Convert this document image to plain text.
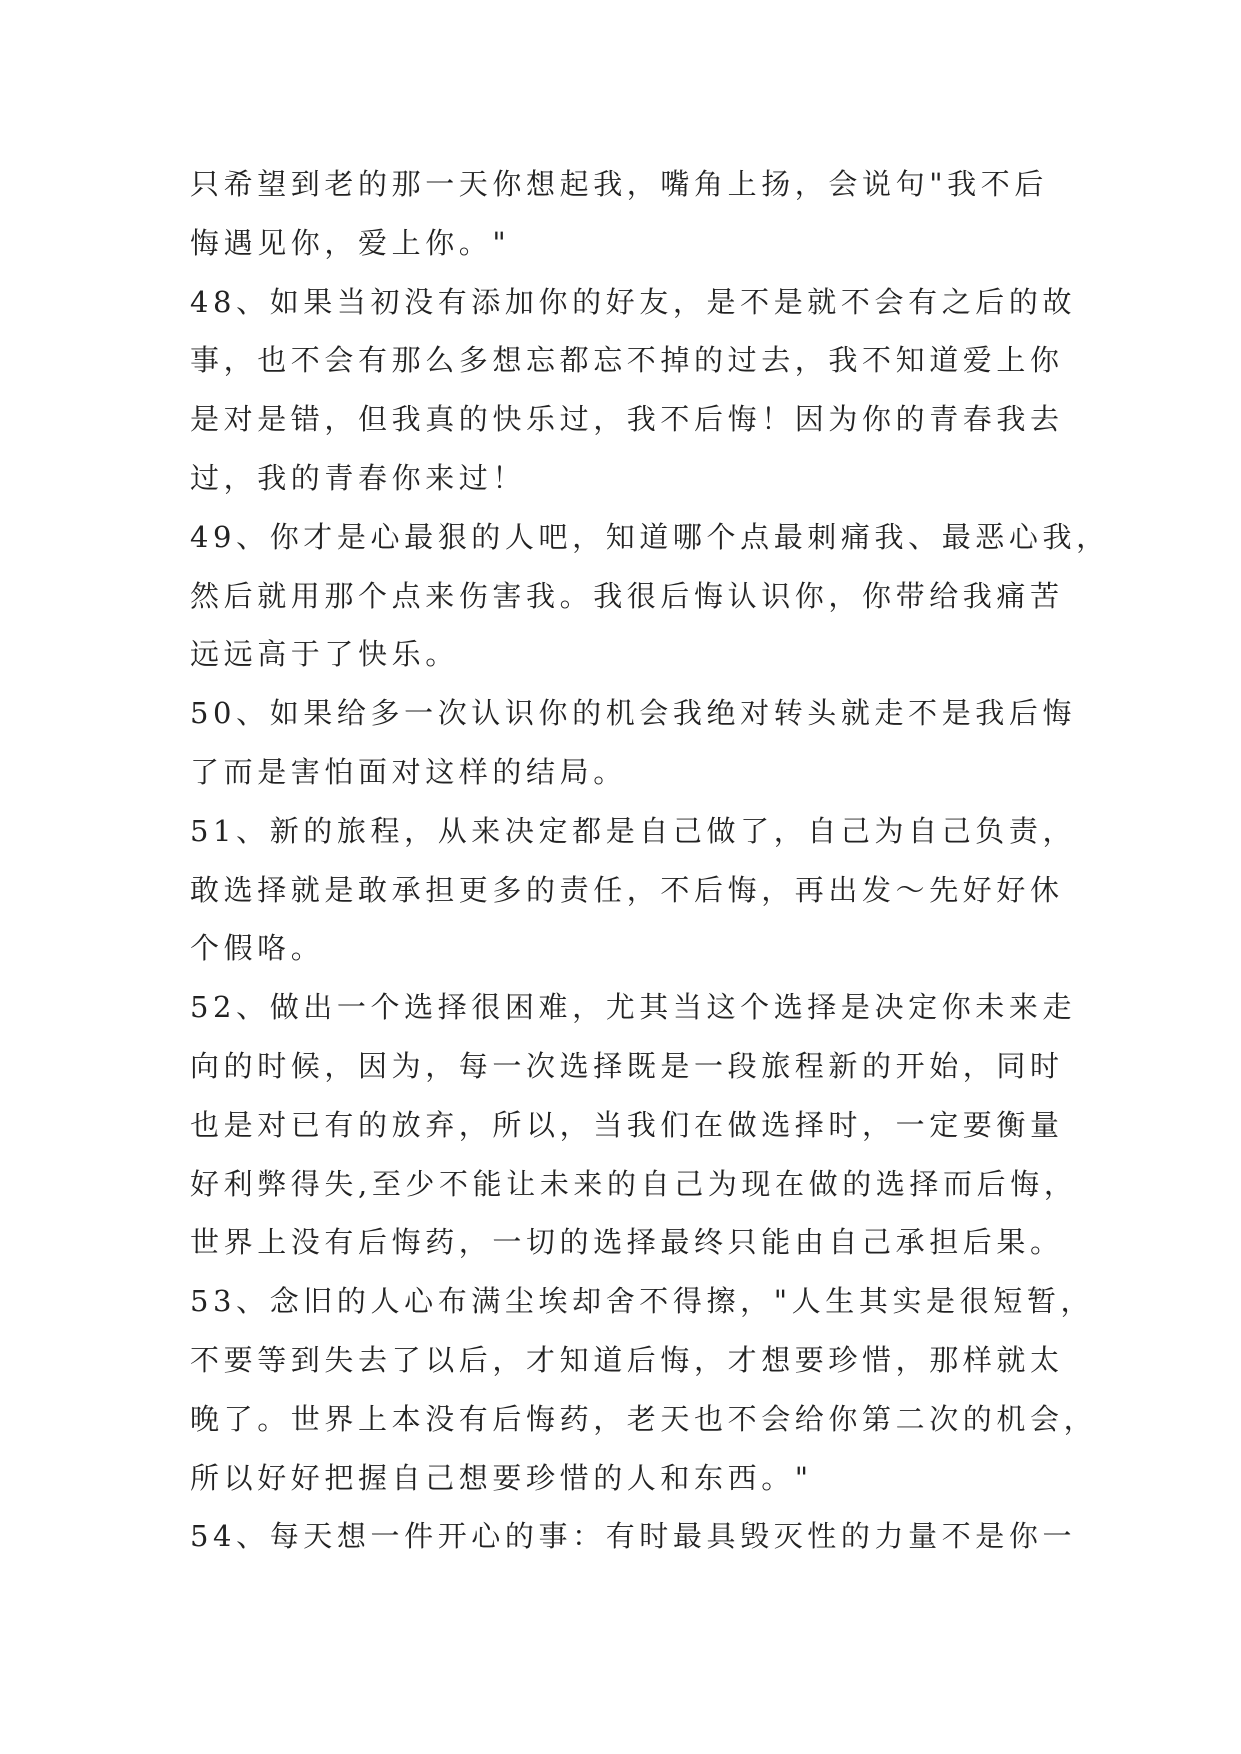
只希望到老的那一天你想起我，嘴角上扬，会说句"我不后
悔遇见你，爱上你。"
48、如果当初没有添加你的好友，是不是就不会有之后的故
事，也不会有那么多想忘都忘不掉的过去，我不知道爱上你
是对是错，但我真的快乐过，我不后悔！因为你的青春我去
过，我的青春你来过！
49、你才是心最狠的人吧，知道哪个点最刺痛我、最恶心我，
然后就用那个点来伤害我。我很后悔认识你，你带给我痛苦
远远高于了快乐。
50、如果给多一次认识你的机会我绝对转头就走不是我后悔
了而是害怕面对这样的结局。
51、新的旅程，从来决定都是自己做了，自己为自己负责，
敢选择就是敢承担更多的责任，不后悔，再出发～先好好休
个假咯。
52、做出一个选择很困难，尤其当这个选择是决定你未来走
向的时候，因为，每一次选择既是一段旅程新的开始，同时
也是对已有的放弃，所以，当我们在做选择时，一定要衡量
好利弊得失,至少不能让未来的自己为现在做的选择而后悔，
世界上没有后悔药，一切的选择最终只能由自己承担后果。
53、念旧的人心布满尘埃却舍不得擦，"人生其实是很短暂，
不要等到失去了以后，才知道后悔，才想要珍惜，那样就太
晚了。世界上本没有后悔药，老天也不会给你第二次的机会，
所以好好把握自己想要珍惜的人和东西。"
54、每天想一件开心的事：有时最具毁灭性的力量不是你一
